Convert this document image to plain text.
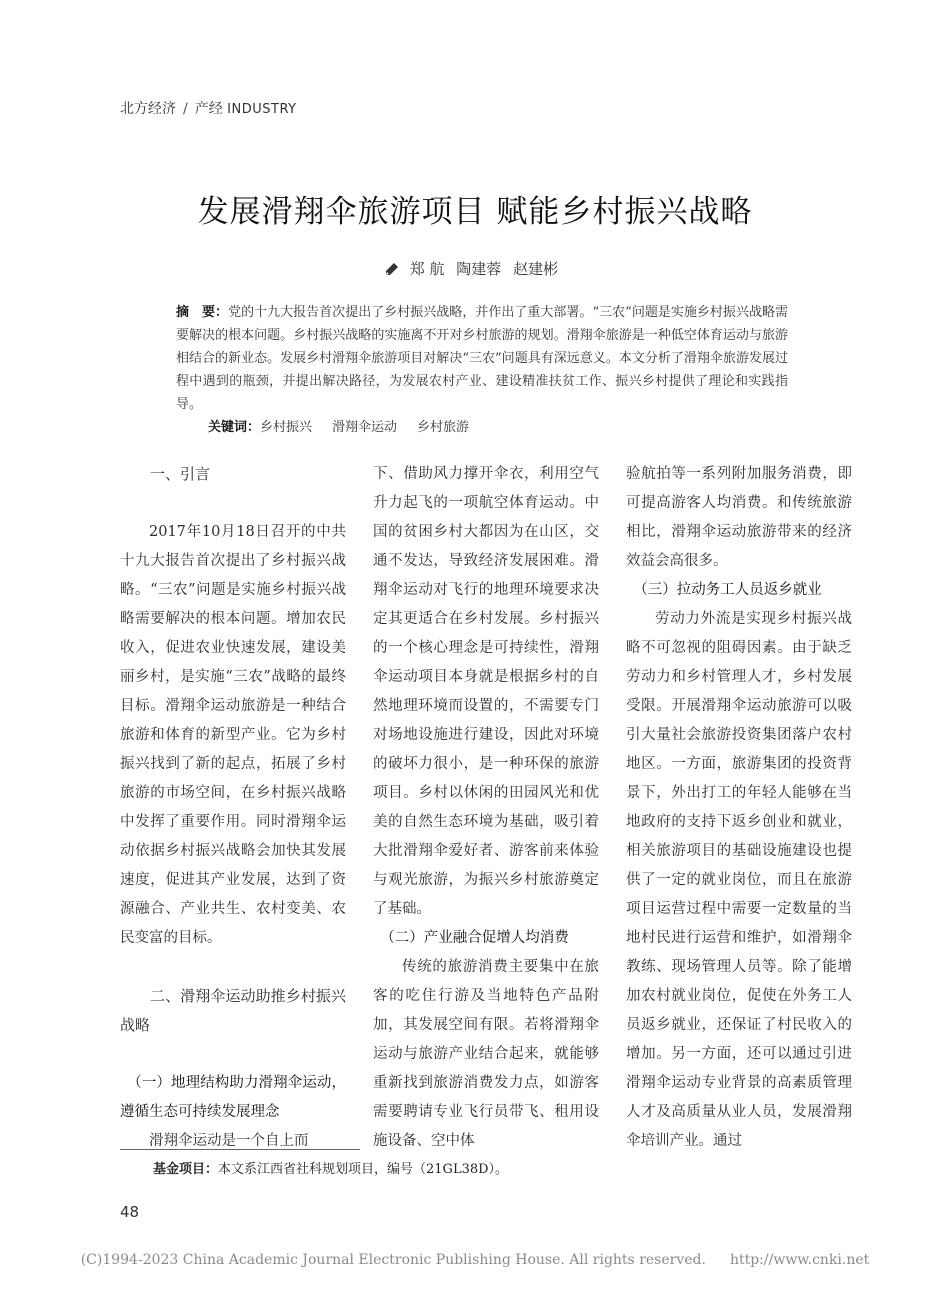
北方经济 / 产经 INDUSTRY
发展滑翔伞旅游项目 赋能乡村振兴战略
郑 航 陶建蓉 赵建彬
摘　要：党的十九大报告首次提出了乡村振兴战略，并作出了重大部署。“三农”问题是实施乡村振兴战略需要解决的根本问题。乡村振兴战略的实施离不开对乡村旅游的规划。滑翔伞旅游是一种低空体育运动与旅游相结合的新业态。发展乡村滑翔伞旅游项目对解决“三农”问题具有深远意义。本文分析了滑翔伞旅游发展过程中遇到的瓶颈，并提出解决路径，为发展农村产业、建设精准扶贫工作、振兴乡村提供了理论和实践指导。
关键词：乡村振兴 滑翔伞运动 乡村旅游
一、引言

2017年10月18日召开的中共十九大报告首次提出了乡村振兴战略。“三农”问题是实施乡村振兴战略需要解决的根本问题。增加农民收入，促进农业快速发展，建设美丽乡村，是实施“三农”战略的最终目标。滑翔伞运动旅游是一种结合旅游和体育的新型产业。它为乡村振兴找到了新的起点，拓展了乡村旅游的市场空间，在乡村振兴战略中发挥了重要作用。同时滑翔伞运动依据乡村振兴战略会加快其发展速度，促进其产业发展，达到了资源融合、产业共生、农村变美、农民变富的目标。

二、滑翔伞运动助推乡村振兴战略
（一）地理结构助力滑翔伞运动，遵循生态可持续发展理念

滑翔伞运动是一个自上而

下、借助风力撑开伞衣，利用空气升力起飞的一项航空体育运动。中国的贫困乡村大都因为在山区，交通不发达，导致经济发展困难。滑翔伞运动对飞行的地理环境要求决定其更适合在乡村发展。乡村振兴的一个核心理念是可持续性，滑翔伞运动项目本身就是根据乡村的自然地理环境而设置的，不需要专门对场地设施进行建设，因此对环境的破坏力很小，是一种环保的旅游项目。乡村以休闲的田园风光和优美的自然生态环境为基础，吸引着大批滑翔伞爱好者、游客前来体验与观光旅游，为振兴乡村旅游奠定了基础。

（二）产业融合促增人均消费

传统的旅游消费主要集中在旅客的吃住行游及当地特色产品附加，其发展空间有限。若将滑翔伞运动与旅游产业结合起来，就能够重新找到旅游消费发力点，如游客需要聘请专业飞行员带飞、租用设施设备、空中体

验航拍等一系列附加服务消费，即可提高游客人均消费。和传统旅游相比，滑翔伞运动旅游带来的经济效益会高很多。

（三）拉动务工人员返乡就业

劳动力外流是实现乡村振兴战略不可忽视的阻碍因素。由于缺乏劳动力和乡村管理人才，乡村发展受限。开展滑翔伞运动旅游可以吸引大量社会旅游投资集团落户农村地区。一方面，旅游集团的投资背景下，外出打工的年轻人能够在当地政府的支持下返乡创业和就业，相关旅游项目的基础设施建设也提供了一定的就业岗位，而且在旅游项目运营过程中需要一定数量的当地村民进行运营和维护，如滑翔伞教练、现场管理人员等。除了能增加农村就业岗位，促使在外务工人员返乡就业，还保证了村民收入的增加。另一方面，还可以通过引进滑翔伞运动专业背景的高素质管理人才及高质量从业人员，发展滑翔伞培训产业。通过

基金项目：本文系江西省社科规划项目，编号（21GL38D）。
48
(C)1994-2023 China Academic Journal Electronic Publishing House. All rights reserved. http://www.cnki.net
